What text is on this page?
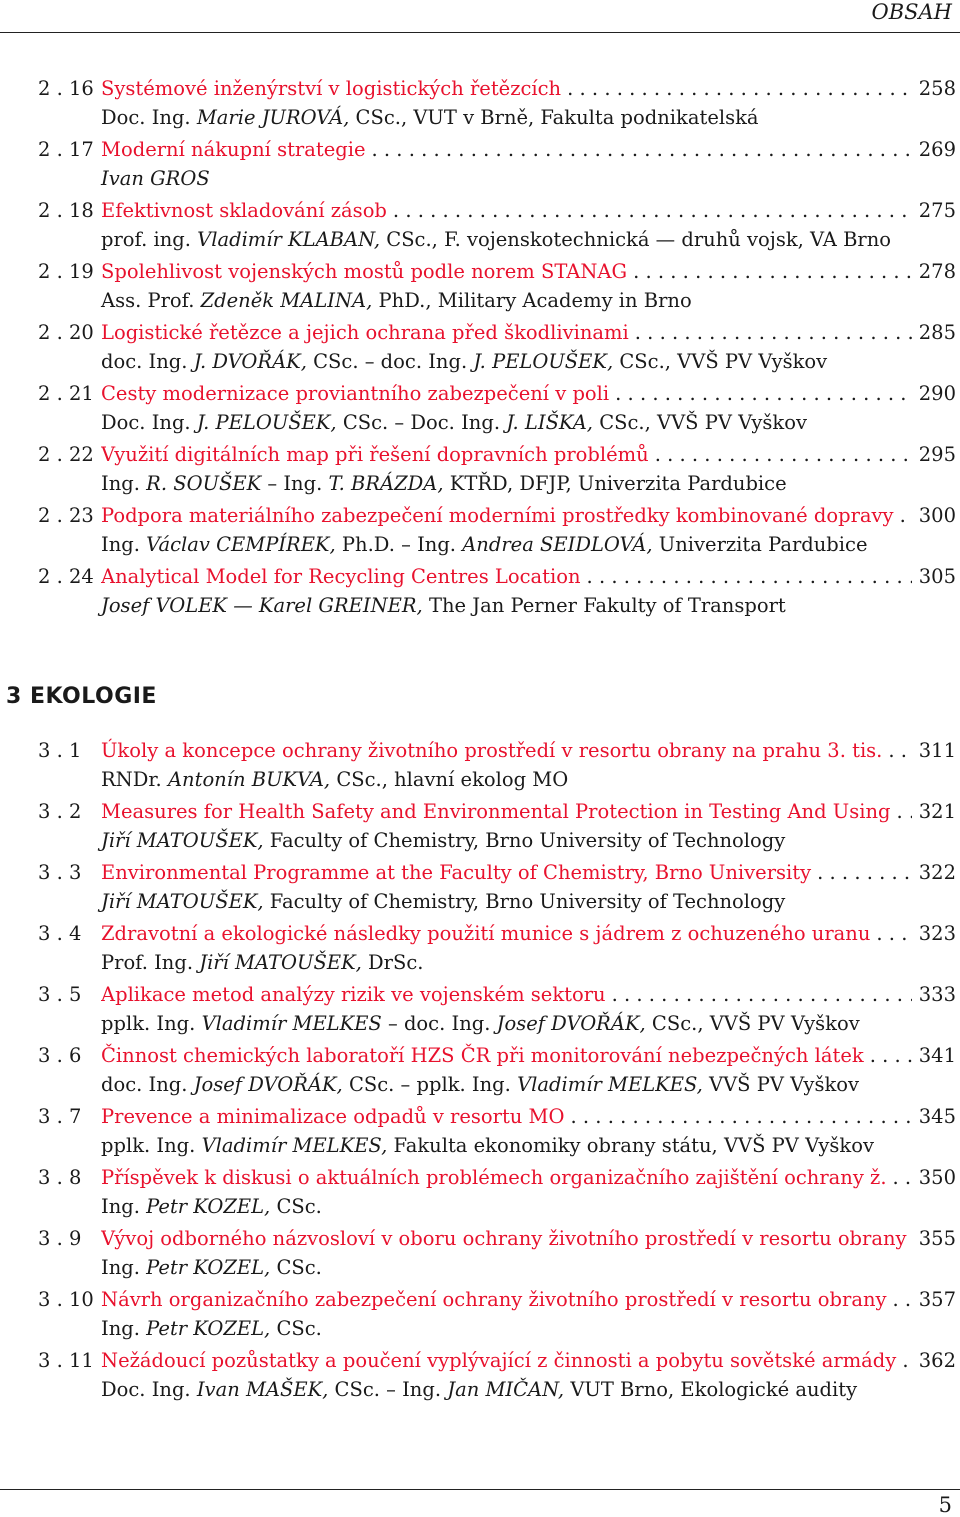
OBSAH
2 . 16 Systémové inženýrství v logistických řetězcích . . .	258
Doc. Ing. Marie JUROVÁ, CSc., VUT v Brně, Fakulta podnikatelská
2 . 17 Moderní nákupní strategie . . .	269
Ivan GROS
2 . 18 Efektivnost skladování zásob . . .	275
prof. ing. Vladimír KLABAN, CSc., F. vojenskotechnická — druhů vojsk, VA Brno
2 . 19 Spolehlivost vojenských mostů podle norem STANAG . . .	278
Ass. Prof. Zdeněk MALINA, PhD., Military Academy in Brno
2 . 20 Logistické řetězce a jejich ochrana před škodlivinami . . .	285
doc. Ing. J. DVOŘÁK, CSc. – doc. Ing. J. PELOUŠEK, CSc., VVŠ PV Vyškov
2 . 21 Cesty modernizace proviantního zabezpečení v poli . . .	290
Doc. Ing. J. PELOUŠEK, CSc. – Doc. Ing. J. LIŠKA, CSc., VVŠ PV Vyškov
2 . 22 Využití digitálních map při řešení dopravních problémů . . .	295
Ing. R. SOUŠEK – Ing. T. BRÁZDA, KTŘD, DFJP, Univerzita Pardubice
2 . 23 Podpora materiálního zabezpečení moderními prostředky kombinované dopravy . . .	300
Ing. Václav CEMPÍREK, Ph.D. – Ing. Andrea SEIDLOVÁ, Univerzita Pardubice
2 . 24 Analytical Model for Recycling Centres Location . . .	305
Josef VOLEK — Karel GREINER, The Jan Perner Fakulty of Transport
3 EKOLOGIE
3 . 1 Úkoly a koncepce ochrany životního prostředí v resortu obrany na prahu 3. tis. . . .	311
RNDr. Antonín BUKVA, CSc., hlavní ekolog MO
3 . 2 Measures for Health Safety and Environmental Protection in Testing And Using . . .	321
Jiří MATOUŠEK, Faculty of Chemistry, Brno University of Technology
3 . 3 Environmental Programme at the Faculty of Chemistry, Brno University . . .	322
Jiří MATOUŠEK, Faculty of Chemistry, Brno University of Technology
3 . 4 Zdravotní a ekologické následky použití munice s jádrem z ochuzeného uranu . . .	323
Prof. Ing. Jiří MATOUŠEK, DrSc.
3 . 5 Aplikace metod analýzy rizik ve vojenském sektoru . . .	333
pplk. Ing. Vladimír MELKES – doc. Ing. Josef DVOŘÁK, CSc., VVŠ PV Vyškov
3 . 6 Činnost chemických laboratoří HZS ČR při monitorování nebezpečných látek . . .	341
doc. Ing. Josef DVOŘÁK, CSc. – pplk. Ing. Vladimír MELKES, VVŠ PV Vyškov
3 . 7 Prevence a minimalizace odpadů v resortu MO . . .	345
pplk. Ing. Vladimír MELKES, Fakulta ekonomiky obrany státu, VVŠ PV Vyškov
3 . 8 Příspěvek k diskusi o aktuálních problémech organizačního zajištění ochrany ž. . . .	350
Ing. Petr KOZEL, CSc.
3 . 9 Vývoj odborného názvosloví v oboru ochrany životního prostředí v resortu obrany . . . 355
Ing. Petr KOZEL, CSc.
3 . 10 Návrh organizačního zabezpečení ochrany životního prostředí v resortu obrany . . .	357
Ing. Petr KOZEL, CSc.
3 . 11 Nežádoucí pozůstatky a poučení vyplývající z činnosti a pobytu sovětské armády . . .	362
Doc. Ing. Ivan MAŠEK, CSc. – Ing. Jan MIČAN, VUT Brno, Ekologické audity
5
